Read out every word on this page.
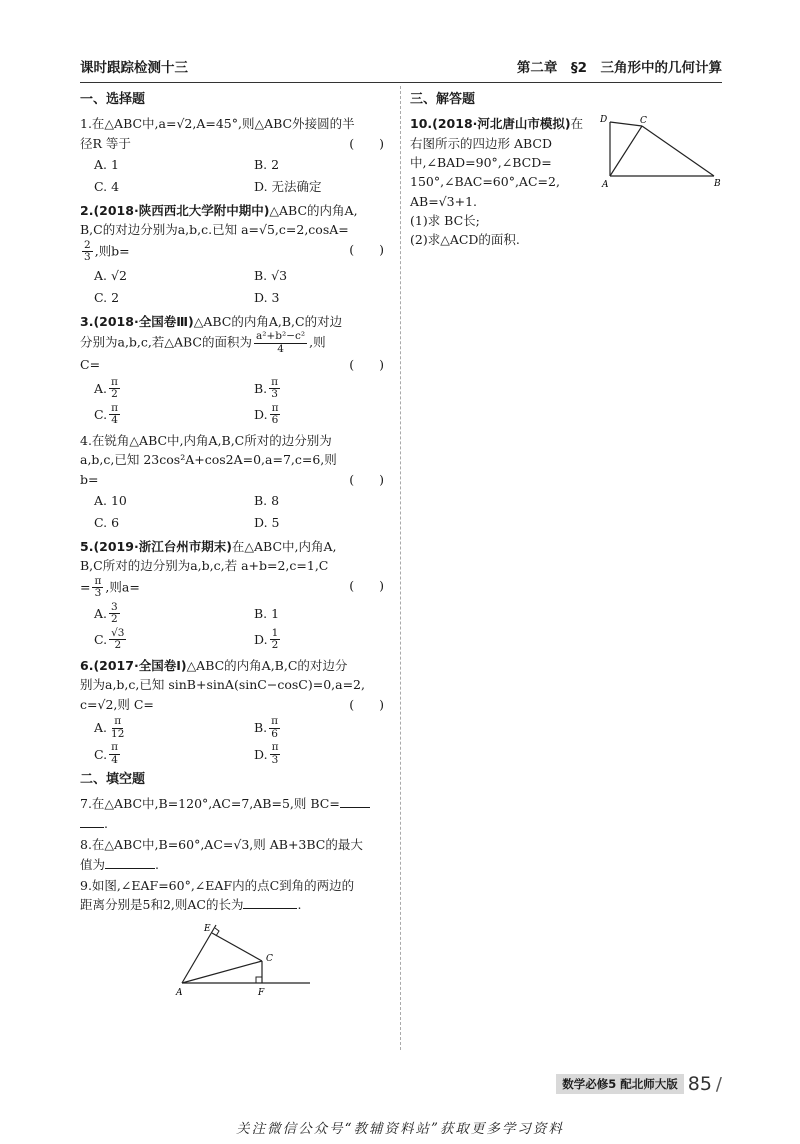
课时跟踪检测十三	第二章　§2　三角形中的几何计算
一、选择题
1.在△ABC中,a=√2,A=45°,则△ABC外接圆的半
径R 等于	(　　)
A. 1	B. 2
C. 4	D. 无法确定
2.(2018·陕西西北大学附中期中)△ABC的内角A,
B,C的对边分别为a,b,c.已知 a=√5,c=2,cosA=
$\frac{2}{3}$ ,则b=	(　　)
A. √2	B. √3
C. 2	D. 3
3.(2018·全国卷Ⅲ)△ABC的内角A,B,C的对边
分别为a,b,c,若△ABC的面积为 $\frac{\text{a²+b²−c²}}{4}$ ,则
C=	(　　)
A. $\frac{\pi}{2}$	B. $\frac{\pi}{3}$
C. $\frac{\pi}{4}$	D. $\frac{\pi}{6}$
4.在锐角△ABC中,内角A,B,C所对的边分别为
a,b,c,已知 23cos²A+cos2A=0,a=7,c=6,则
b=	(　　)
A. 10	B. 8
C. 6	D. 5
5.(2019·浙江台州市期末)在△ABC中,内角A,
B,C所对的边分别为a,b,c,若 a+b=2,c=1,C
= $\frac{\pi}{3}$ ,则a=	(　　)
A. $\frac{3}{2}$	B. 1
C. $\frac{√3}{2}$	D. $\frac{1}{2}$
6.(2017·全国卷Ⅰ)△ABC的内角A,B,C的对边分
别为a,b,c,已知 sinB+sinA(sinC−cosC)=0,a=2,
c=√2,则 C=	(　　)
A. $\frac{\pi}{12}$	B. $\frac{\pi}{6}$
C. $\frac{\pi}{4}$	D. $\frac{\pi}{3}$
二、填空题
7.在△ABC中,B=120°,AC=7,AB=5,则 BC=
.
8.在△ABC中,B=60°,AC=√3,则 AB+3BC的最大
值为	.
9.如图,∠EAF=60°,∠EAF内的点C到角的两边的
距离分别是5和2,则AC的长为	.
E
C
A	F
三、解答题
10.(2018·河北唐山市模拟)在
右图所示的四边形 ABCD
中,∠BAD=90°,∠BCD=
150°,∠BAC=60°,AC=2,
AB=√3+1.
(1)求 BC长;
(2)求△ACD的面积.
D	C
A	B
数学必修5 配北师大版 85 /
关注微信公众号“教辅资料站”获取更多学习资料
